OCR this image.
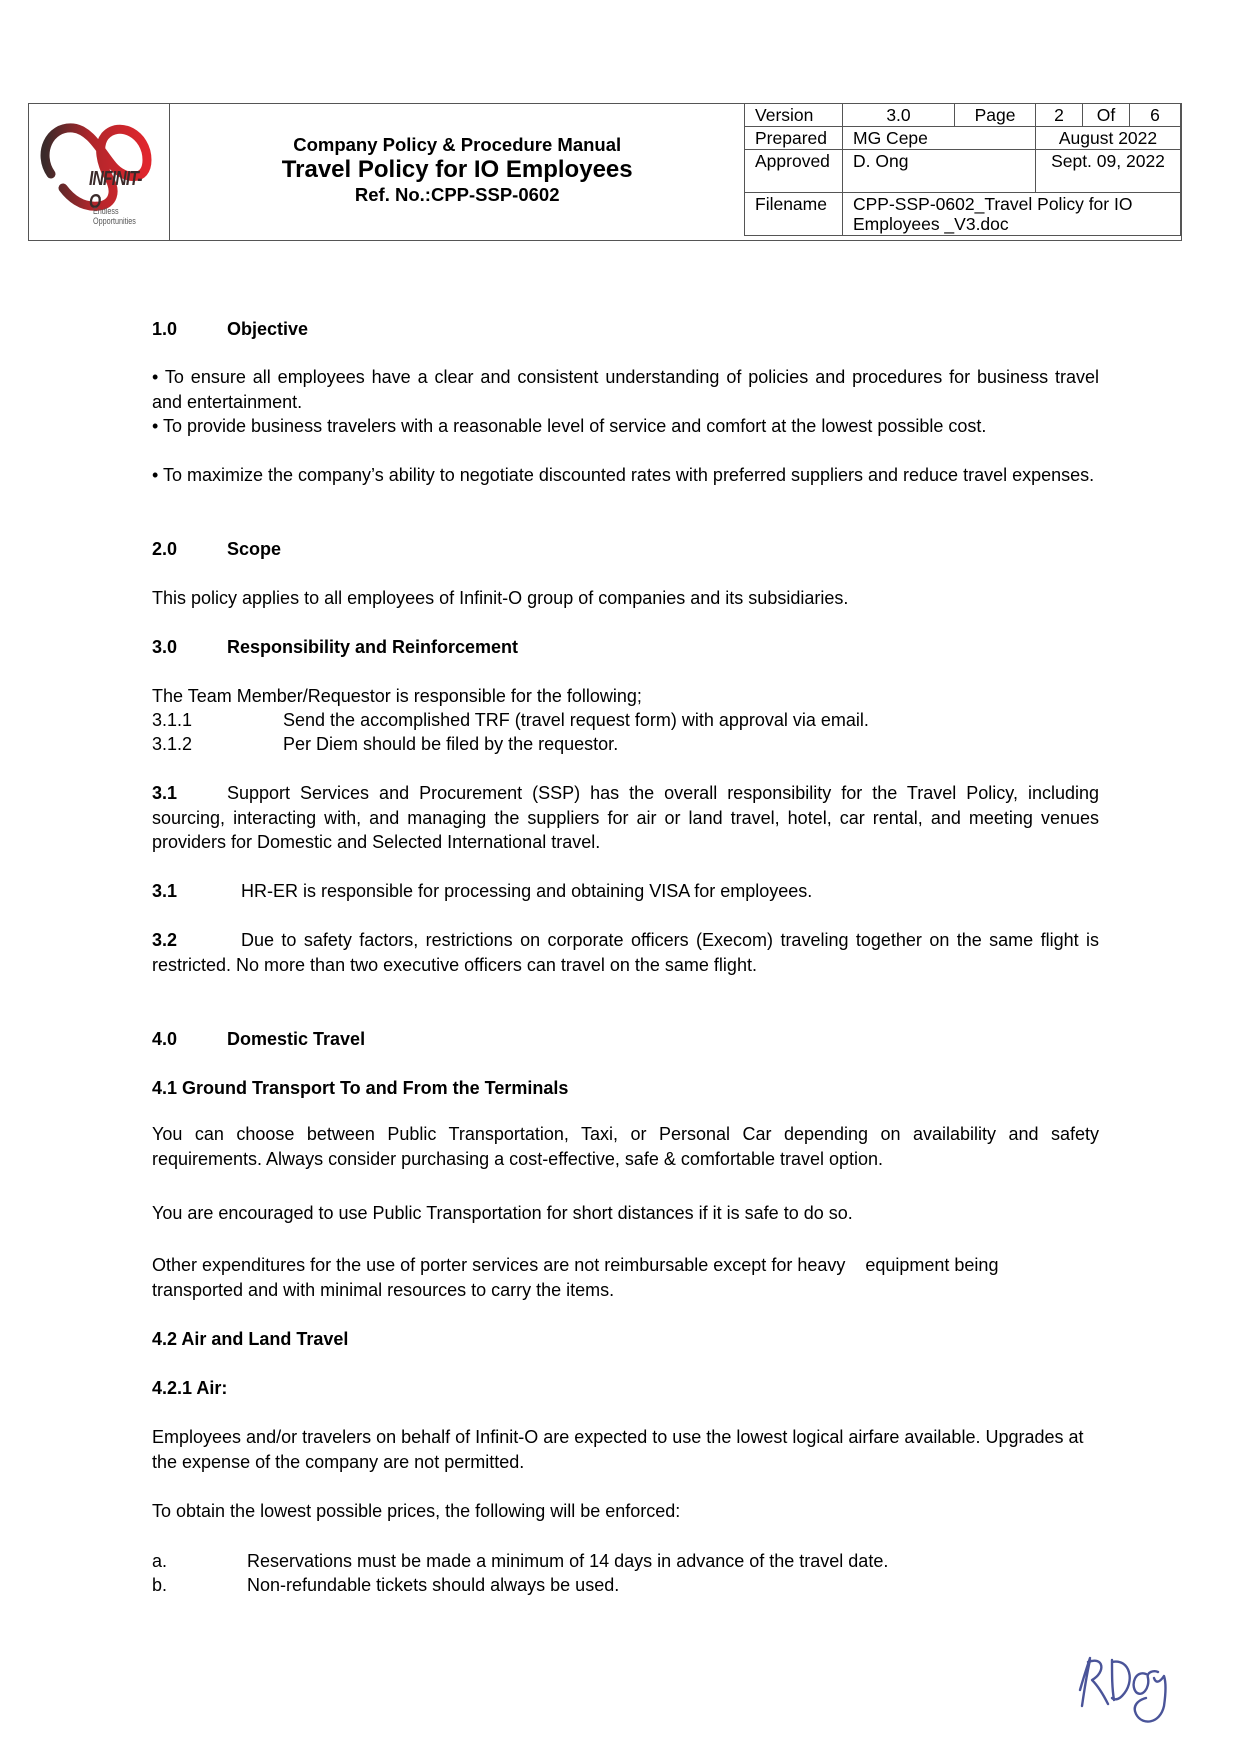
INFINIT-O
Endless Opportunities
Company Policy & Procedure Manual
Travel Policy for IO Employees
Ref. No.:CPP-SSP-0602
Version	3.0	Page	2	Of	6
Prepared	MG Cepe		August 2022		
Approved	D. Ong		Sept. 09, 2022		
Filename	CPP-SSP-0602_Travel Policy for IO Employees _V3.doc				
1.0	Objective
• To ensure all employees have a clear and consistent understanding of policies and procedures for business travel and entertainment.
• To provide business travelers with a reasonable level of service and comfort at the lowest possible cost.
• To maximize the company’s ability to negotiate discounted rates with preferred suppliers and reduce travel expenses.
2.0	Scope
This policy applies to all employees of Infinit-O group of companies and its subsidiaries.
3.0	Responsibility and Reinforcement
The Team Member/Requestor is responsible for the following;
3.1.1	Send the accomplished TRF (travel request form) with approval via email.
3.1.2	Per Diem should be filed by the requestor.
3.1	Support Services and Procurement (SSP) has the overall responsibility for the Travel Policy, including sourcing, interacting with, and managing the suppliers for air or land travel, hotel, car rental, and meeting venues providers for Domestic and Selected International travel.
3.1	HR-ER is responsible for processing and obtaining VISA for employees.
3.2	Due to safety factors, restrictions on corporate officers (Execom) traveling together on the same flight is restricted. No more than two executive officers can travel on the same flight.
4.0	Domestic Travel
4.1 Ground Transport To and From the Terminals
You can choose between Public Transportation, Taxi, or Personal Car depending on availability and safety requirements. Always consider purchasing a cost-effective, safe & comfortable travel option.
You are encouraged to use Public Transportation for short distances if it is safe to do so.
Other expenditures for the use of porter services are not reimbursable except for heavy    equipment being transported and with minimal resources to carry the items.
4.2 Air and Land Travel
4.2.1 Air:
Employees and/or travelers on behalf of Infinit-O are expected to use the lowest logical airfare available. Upgrades at the expense of the company are not permitted.
To obtain the lowest possible prices, the following will be enforced:
a.	Reservations must be made a minimum of 14 days in advance of the travel date.
b.	Non-refundable tickets should always be used.
